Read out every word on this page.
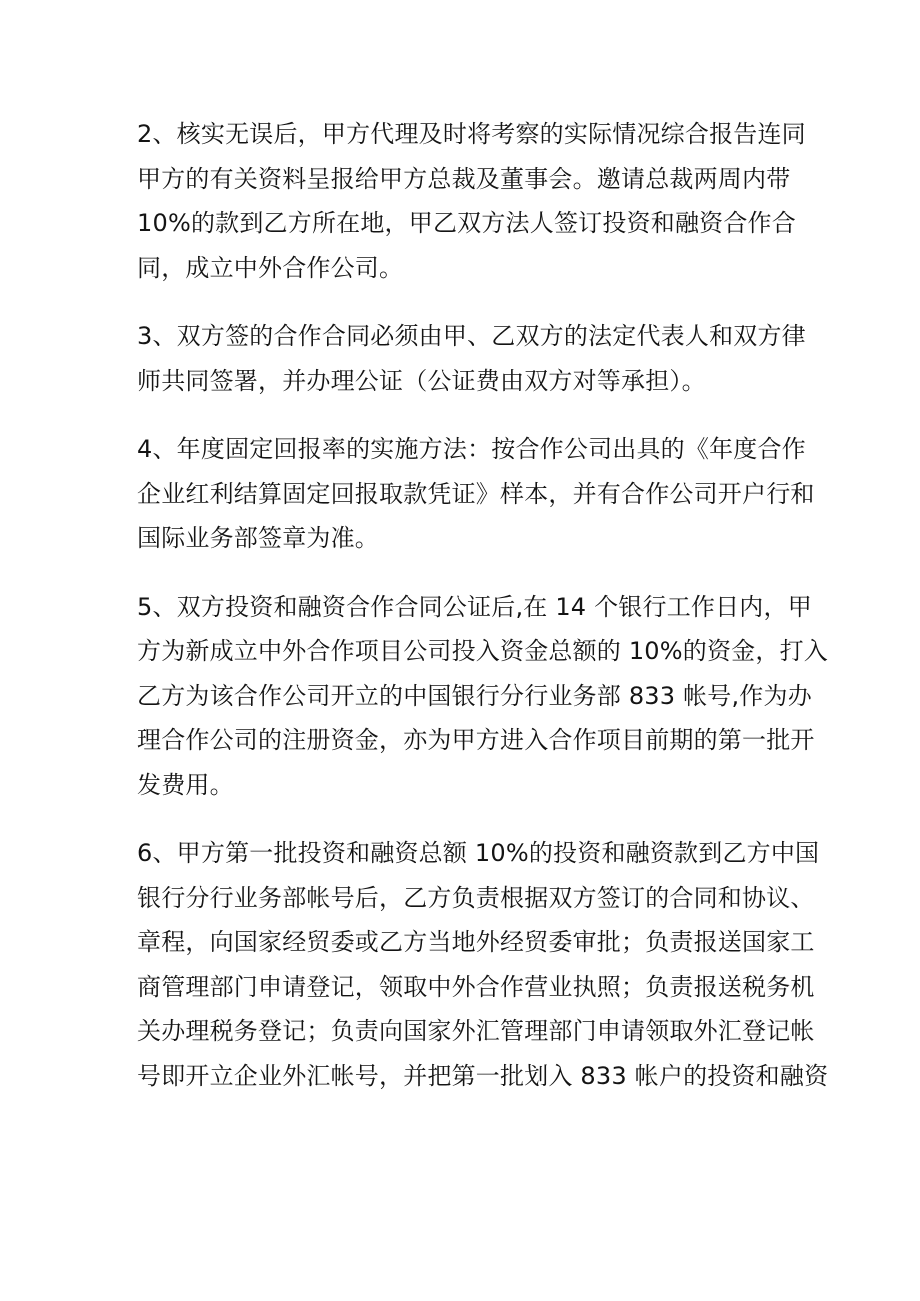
2、核实无误后，甲方代理及时将考察的实际情况综合报告连同
甲方的有关资料呈报给甲方总裁及董事会。邀请总裁两周内带
10%的款到乙方所在地，甲乙双方法人签订投资和融资合作合
同，成立中外合作公司。

3、双方签的合作合同必须由甲、乙双方的法定代表人和双方律
师共同签署，并办理公证（公证费由双方对等承担）。

4、年度固定回报率的实施方法：按合作公司出具的《年度合作
企业红利结算固定回报取款凭证》样本，并有合作公司开户行和
国际业务部签章为准。

5、双方投资和融资合作合同公证后,在 14 个银行工作日内，甲
方为新成立中外合作项目公司投入资金总额的 10%的资金，打入
乙方为该合作公司开立的中国银行分行业务部 833 帐号,作为办
理合作公司的注册资金，亦为甲方进入合作项目前期的第一批开
发费用。

6、甲方第一批投资和融资总额 10%的投资和融资款到乙方中国
银行分行业务部帐号后，乙方负责根据双方签订的合同和协议、
章程，向国家经贸委或乙方当地外经贸委审批；负责报送国家工
商管理部门申请登记，领取中外合作营业执照；负责报送税务机
关办理税务登记；负责向国家外汇管理部门申请领取外汇登记帐
号即开立企业外汇帐号，并把第一批划入 833 帐户的投资和融资
